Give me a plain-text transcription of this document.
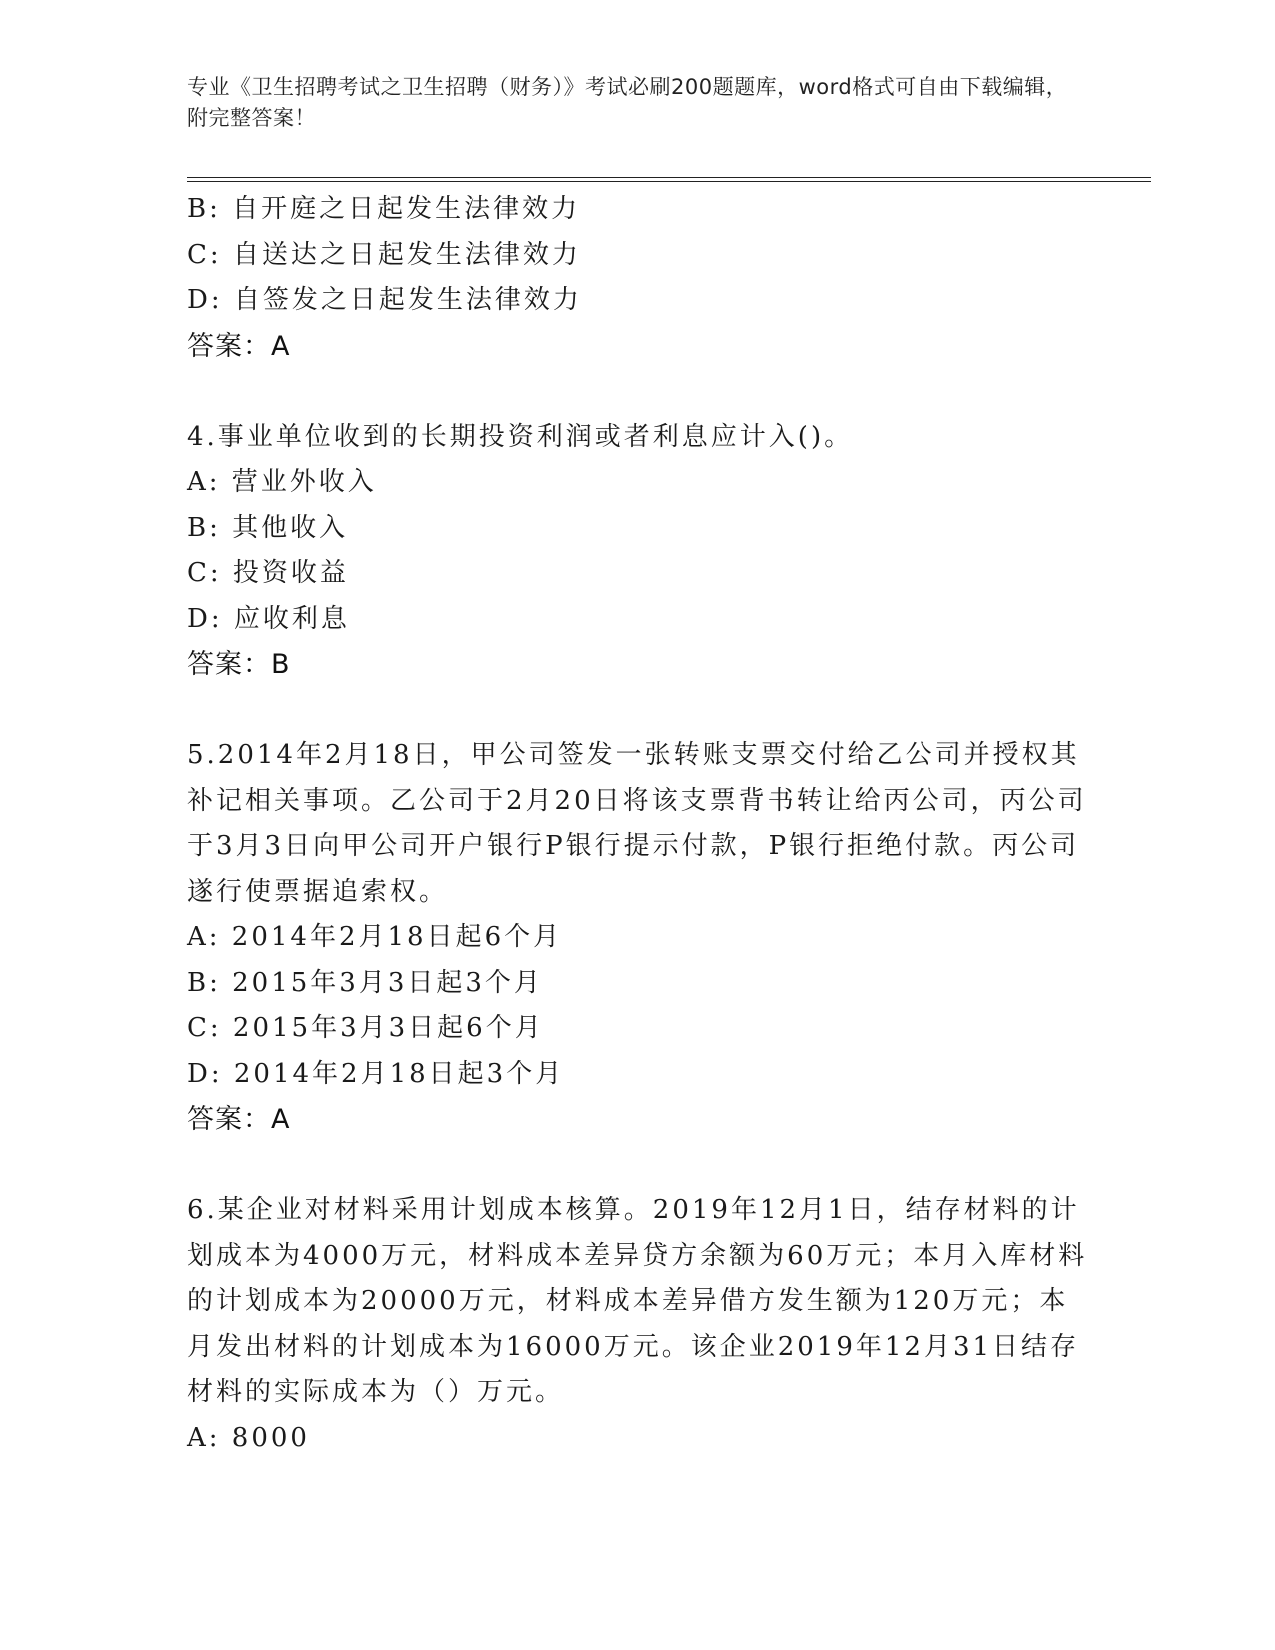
专业《卫生招聘考试之卫生招聘（财务）》考试必刷200题题库，word格式可自由下载编辑，附完整答案！
B: 自开庭之日起发生法律效力
C: 自送达之日起发生法律效力
D: 自签发之日起发生法律效力
答案：A
4.事业单位收到的长期投资利润或者利息应计入()。
A: 营业外收入
B: 其他收入
C: 投资收益
D: 应收利息
答案：B
5.2014年2月18日，甲公司签发一张转账支票交付给乙公司并授权其补记相关事项。乙公司于2月20日将该支票背书转让给丙公司，丙公司于3月3日向甲公司开户银行P银行提示付款，P银行拒绝付款。丙公司遂行使票据追索权。
A: 2014年2月18日起6个月
B: 2015年3月3日起3个月
C: 2015年3月3日起6个月
D: 2014年2月18日起3个月
答案：A
6.某企业对材料采用计划成本核算。2019年12月1日，结存材料的计划成本为4000万元，材料成本差异贷方余额为60万元；本月入库材料的计划成本为20000万元，材料成本差异借方发生额为120万元；本月发出材料的计划成本为16000万元。该企业2019年12月31日结存材料的实际成本为（）万元。
A: 8000
